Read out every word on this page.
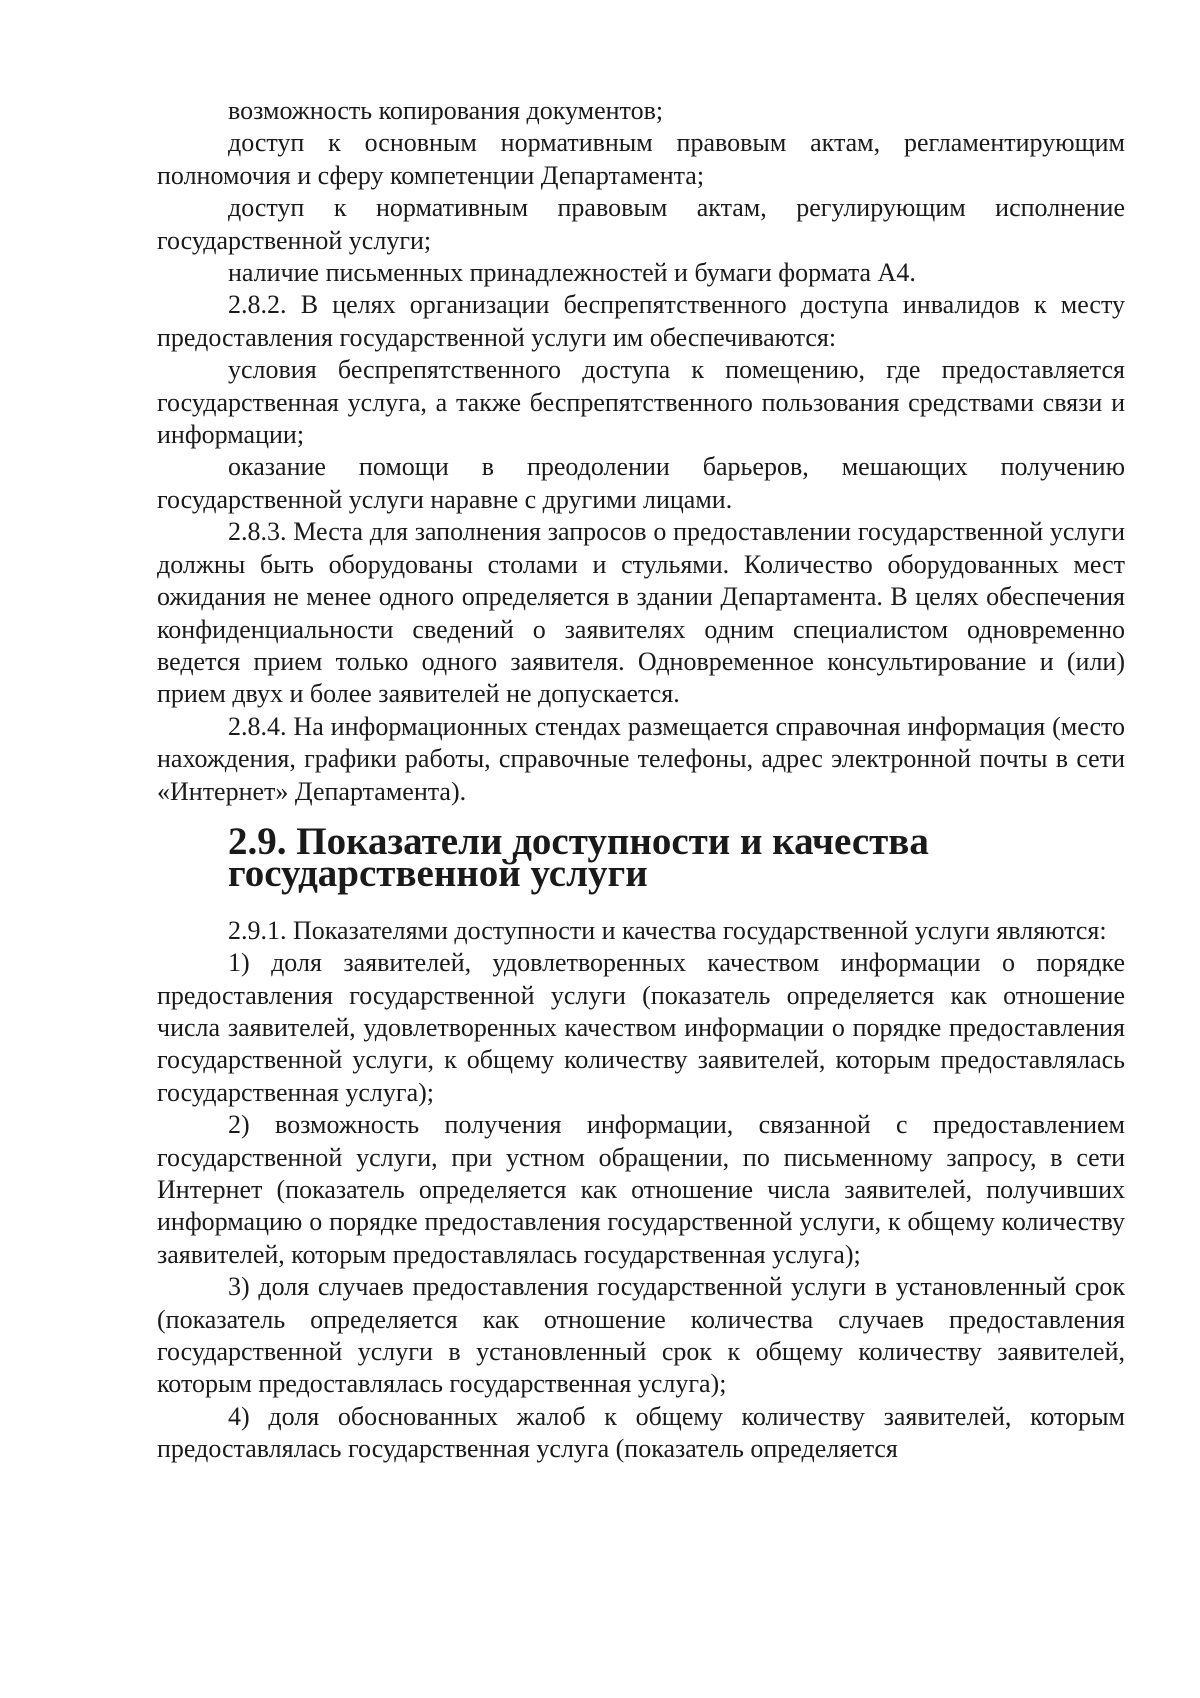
возможность копирования документов;

доступ к основным нормативным правовым актам, регламентирующим полномочия и сферу компетенции Департамента;

доступ к нормативным правовым актам, регулирующим исполнение государственной услуги;

наличие письменных принадлежностей и бумаги формата А4.

2.8.2. В целях организации беспрепятственного доступа инвалидов к месту предоставления государственной услуги им обеспечиваются:

условия беспрепятственного доступа к помещению, где предоставляется государственная услуга, а также беспрепятственного пользования средствами связи и информации;

оказание помощи в преодолении барьеров, мешающих получению государственной услуги наравне с другими лицами.

2.8.3. Места для заполнения запросов о предоставлении государственной услуги должны быть оборудованы столами и стульями. Количество оборудованных мест ожидания не менее одного определяется в здании Департамента. В целях обеспечения конфиденциальности сведений о заявителях одним специалистом одновременно ведется прием только одного заявителя. Одновременное консультирование и (или) прием двух и более заявителей не допускается.

2.8.4. На информационных стендах размещается справочная информация (место нахождения, графики работы, справочные телефоны, адрес электронной почты в сети «Интернет» Департамента).

2.9. Показатели доступности и качества государственной услуги

2.9.1. Показателями доступности и качества государственной услуги являются:

1) доля заявителей, удовлетворенных качеством информации о порядке предоставления государственной услуги (показатель определяется как отношение числа заявителей, удовлетворенных качеством информации о порядке предоставления государственной услуги, к общему количеству заявителей, которым предоставлялась государственная услуга);

2) возможность получения информации, связанной с предоставлением государственной услуги, при устном обращении, по письменному запросу, в сети Интернет (показатель определяется как отношение числа заявителей, получивших информацию о порядке предоставления государственной услуги, к общему количеству заявителей, которым предоставлялась государственная услуга);

3) доля случаев предоставления государственной услуги в установленный срок (показатель определяется как отношение количества случаев предоставления государственной услуги в установленный срок к общему количеству заявителей, которым предоставлялась государственная услуга);

4) доля обоснованных жалоб к общему количеству заявителей, которым предоставлялась государственная услуга (показатель определяется
